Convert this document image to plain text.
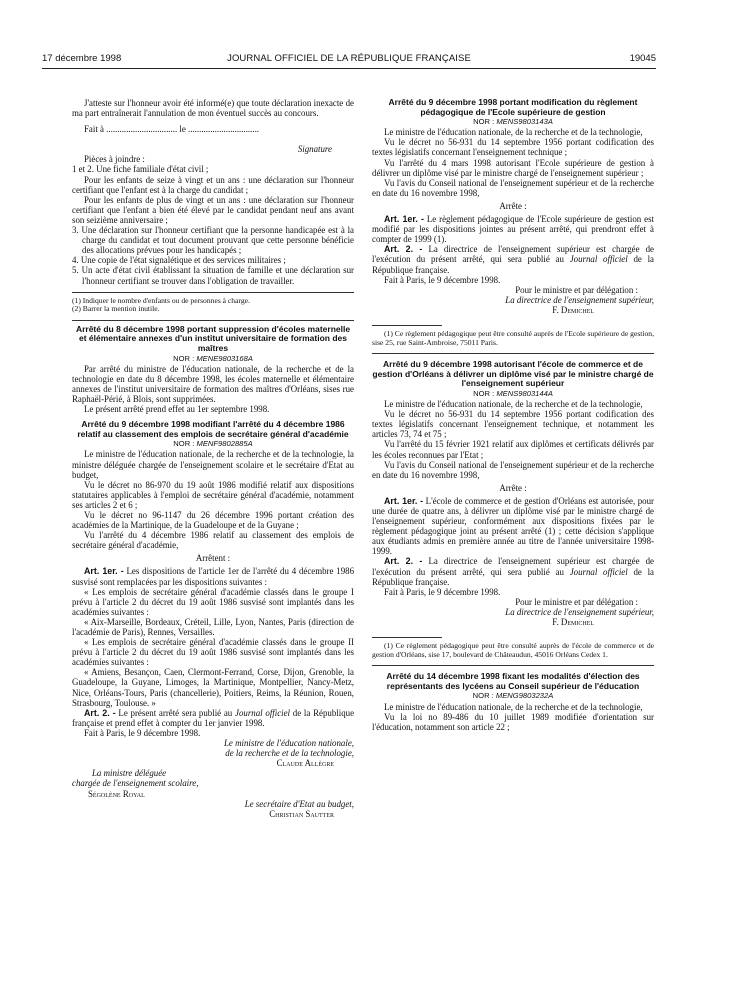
17 décembre 1998	JOURNAL OFFICIEL DE LA RÉPUBLIQUE FRANÇAISE	19045

J'atteste sur l'honneur avoir été informé(e) que toute déclaration inexacte de ma part entraînerait l'annulation de mon éventuel succès au concours.

Fait à ................................ le ................................

Signature

Pièces à joindre :

1 et 2. Une fiche familiale d'état civil ;

Pour les enfants de seize à vingt et un ans : une déclaration sur l'honneur certifiant que l'enfant est à la charge du candidat ;

Pour les enfants de plus de vingt et un ans : une déclaration sur l'honneur certifiant que l'enfant a bien été élevé par le candidat pendant neuf ans avant son seizième anniversaire ;

3. Une déclaration sur l'honneur certifiant que la personne handicapée est à la charge du candidat et tout document prouvant que cette personne bénéficie des allocations prévues pour les handicapés ;

4. Une copie de l'état signalétique et des services militaires ;

5. Un acte d'état civil établissant la situation de famille et une déclaration sur l'honneur certifiant se trouver dans l'obligation de travailler.

(1) Indiquer le nombre d'enfants ou de personnes à charge.

(2) Barrer la mention inutile.

Arrêté du 8 décembre 1998 portant suppression d'écoles maternelle et élémentaire annexes d'un institut universitaire de formation des maîtres

NOR : MENE9803168A

Par arrêté du ministre de l'éducation nationale, de la recherche et de la technologie en date du 8 décembre 1998, les écoles maternelle et élémentaire annexes de l'institut universitaire de formation des maîtres d'Orléans, sises rue Raphaël-Périé, à Blois, sont supprimées.

Le présent arrêté prend effet au 1er septembre 1998.

Arrêté du 9 décembre 1998 modifiant l'arrêté du 4 décembre 1986 relatif au classement des emplois de secrétaire général d'académie

NOR : MENF9802885A

Le ministre de l'éducation nationale, de la recherche et de la technologie, la ministre déléguée chargée de l'enseignement scolaire et le secrétaire d'Etat au budget,

Vu le décret no 86-970 du 19 août 1986 modifié relatif aux dispositions statutaires applicables à l'emploi de secrétaire général d'académie, notamment ses articles 2 et 6 ;

Vu le décret no 96-1147 du 26 décembre 1996 portant création des académies de la Martinique, de la Guadeloupe et de la Guyane ;

Vu l'arrêté du 4 décembre 1986 relatif au classement des emplois de secrétaire général d'académie,

Arrêtent :

Art. 1er. - Les dispositions de l'article 1er de l'arrêté du 4 décembre 1986 susvisé sont remplacées par les dispositions suivantes :

« Les emplois de secrétaire général d'académie classés dans le groupe I prévu à l'article 2 du décret du 19 août 1986 susvisé sont implantés dans les académies suivantes :

« Aix-Marseille, Bordeaux, Créteil, Lille, Lyon, Nantes, Paris (direction de l'académie de Paris), Rennes, Versailles.

« Les emplois de secrétaire général d'académie classés dans le groupe II prévu à l'article 2 du décret du 19 août 1986 susvisé sont implantés dans les académies suivantes :

« Amiens, Besançon, Caen, Clermont-Ferrand, Corse, Dijon, Grenoble, la Guadeloupe, la Guyane, Limoges, la Martinique, Montpellier, Nancy-Metz, Nice, Orléans-Tours, Paris (chancellerie), Poitiers, Reims, la Réunion, Rouen, Strasbourg, Toulouse. »

Art. 2. - Le présent arrêté sera publié au Journal officiel de la République française et prend effet à compter du 1er janvier 1998.

Fait à Paris, le 9 décembre 1998.

Le ministre de l'éducation nationale,

de la recherche et de la technologie,

Claude Allègre

La ministre déléguée

chargée de l'enseignement scolaire,

Ségolène Royal

Le secrétaire d'Etat au budget,

Christian Sautter

Arrêté du 9 décembre 1998 portant modification du règlement pédagogique de l'Ecole supérieure de gestion

NOR : MENS9803143A

Le ministre de l'éducation nationale, de la recherche et de la technologie,

Vu le décret no 56-931 du 14 septembre 1956 portant codification des textes législatifs concernant l'enseignement technique ;

Vu l'arrêté du 4 mars 1998 autorisant l'Ecole supérieure de gestion à délivrer un diplôme visé par le ministre chargé de l'enseignement supérieur ;

Vu l'avis du Conseil national de l'enseignement supérieur et de la recherche en date du 16 novembre 1998,

Arrête :

Art. 1er. - Le règlement pédagogique de l'Ecole supérieure de gestion est modifié par les dispositions jointes au présent arrêté, qui prendront effet à compter de 1999 (1).

Art. 2. - La directrice de l'enseignement supérieur est chargée de l'exécution du présent arrêté, qui sera publié au Journal officiel de la République française.

Fait à Paris, le 9 décembre 1998.

Pour le ministre et par délégation :

La directrice de l'enseignement supérieur,

F. Demichel

(1) Ce règlement pédagogique peut être consulté auprès de l'Ecole supérieure de gestion, sise 25, rue Saint-Ambroise, 75011 Paris.

Arrêté du 9 décembre 1998 autorisant l'école de commerce et de gestion d'Orléans à délivrer un diplôme visé par le ministre chargé de l'enseignement supérieur

NOR : MENS9803144A

Le ministre de l'éducation nationale, de la recherche et de la technologie,

Vu le décret no 56-931 du 14 septembre 1956 portant codification des textes législatifs concernant l'enseignement technique, et notamment les articles 73, 74 et 75 ;

Vu l'arrêté du 15 février 1921 relatif aux diplômes et certificats délivrés par les écoles reconnues par l'Etat ;

Vu l'avis du Conseil national de l'enseignement supérieur et de la recherche en date du 16 novembre 1998,

Arrête :

Art. 1er. - L'école de commerce et de gestion d'Orléans est autorisée, pour une durée de quatre ans, à délivrer un diplôme visé par le ministre chargé de l'enseignement supérieur, conformément aux dispositions fixées par le règlement pédagogique joint au présent arrêté (1) ; cette décision s'applique aux étudiants admis en première année au titre de l'année universitaire 1998-1999.

Art. 2. - La directrice de l'enseignement supérieur est chargée de l'exécution du présent arrêté, qui sera publié au Journal officiel de la République française.

Fait à Paris, le 9 décembre 1998.

Pour le ministre et par délégation :

La directrice de l'enseignement supérieur,

F. Demichel

(1) Ce règlement pédagogique peut être consulté auprès de l'école de commerce et de gestion d'Orléans, sise 17, boulevard de Châteaudun, 45016 Orléans Cedex 1.

Arrêté du 14 décembre 1998 fixant les modalités d'élection des représentants des lycéens au Conseil supérieur de l'éducation

NOR : MENG9803232A

Le ministre de l'éducation nationale, de la recherche et de la technologie,

Vu la loi no 89-486 du 10 juillet 1989 modifiée d'orientation sur l'éducation, notamment son article 22 ;
